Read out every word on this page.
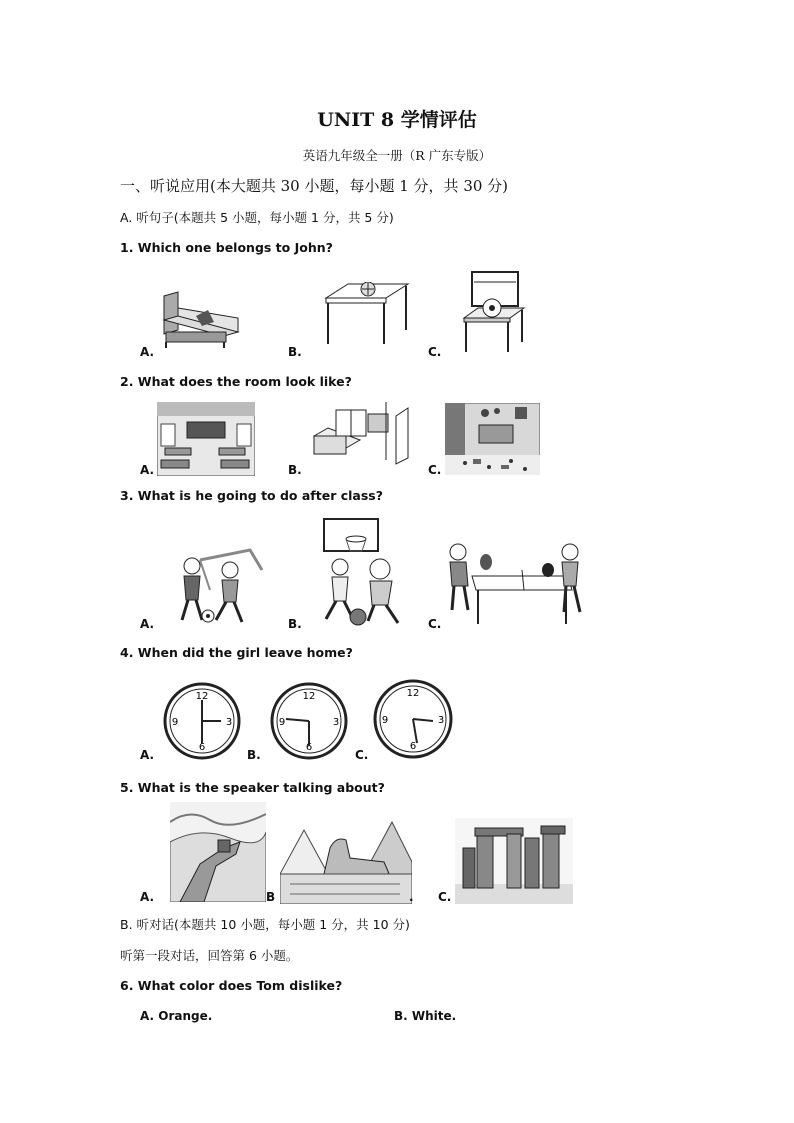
UNIT 8 学情评估
英语九年级全一册（R 广东专版）
一、听说应用(本大题共 30 小题，每小题 1 分，共 30 分)
A. 听句子(本题共 5 小题，每小题 1 分，共 5 分)
1. Which one belongs to John?
A.	B.	C.
2. What does the room look like?
A.	B.	C.
3. What is he going to do after class?
A.	B.	C.
4. When did the girl leave home?
12
3
6
9
A.
12
3
6
9
B.
12
3
6
9
C.
5. What is the speaker talking about?
A.	B	. C.
B. 听对话(本题共 10 小题，每小题 1 分，共 10 分)
听第一段对话，回答第 6 小题。
6. What color does Tom dislike?
A. Orange.	B. White.
